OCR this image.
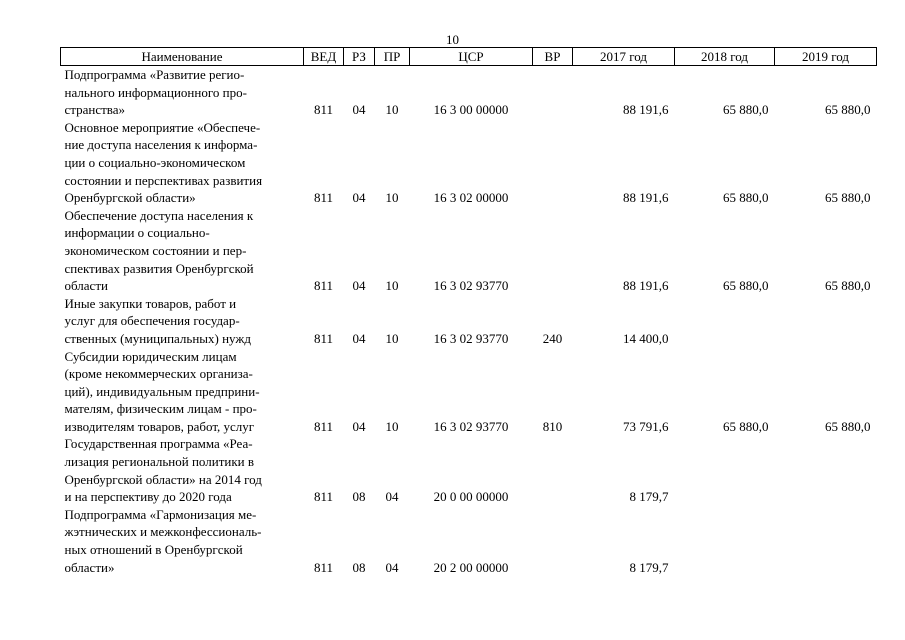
10
Наименование	ВЕД	РЗ	ПР	ЦСР	ВР	2017 год	2018 год	2019 год
Подпрограмма «Развитие регио-
нального информационного про-
странства»	811	04	10	16 3 00 00000		88 191,6	65 880,0	65 880,0
Основное мероприятие «Обеспече-
ние доступа населения к информа-
ции о социально-экономическом
состоянии и перспективах развития
Оренбургской области»	811	04	10	16 3 02 00000		88 191,6	65 880,0	65 880,0
Обеспечение доступа населения к
информации о социально-
экономическом состоянии и пер-
спективах развития Оренбургской
области	811	04	10	16 3 02 93770		88 191,6	65 880,0	65 880,0
Иные закупки товаров, работ и
услуг для обеспечения государ-
ственных (муниципальных) нужд	811	04	10	16 3 02 93770	240	14 400,0		
Субсидии юридическим лицам
(кроме некоммерческих организа-
ций), индивидуальным предприни-
мателям, физическим лицам - про-
изводителям товаров, работ, услуг	811	04	10	16 3 02 93770	810	73 791,6	65 880,0	65 880,0
Государственная программа «Реа-
лизация региональной политики в
Оренбургской области» на 2014 год
и на перспективу до 2020 года	811	08	04	20 0 00 00000		8 179,7		
Подпрограмма «Гармонизация ме-
жэтнических и межконфессиональ-
ных отношений в Оренбургской
области»	811	08	04	20 2 00 00000		8 179,7		
